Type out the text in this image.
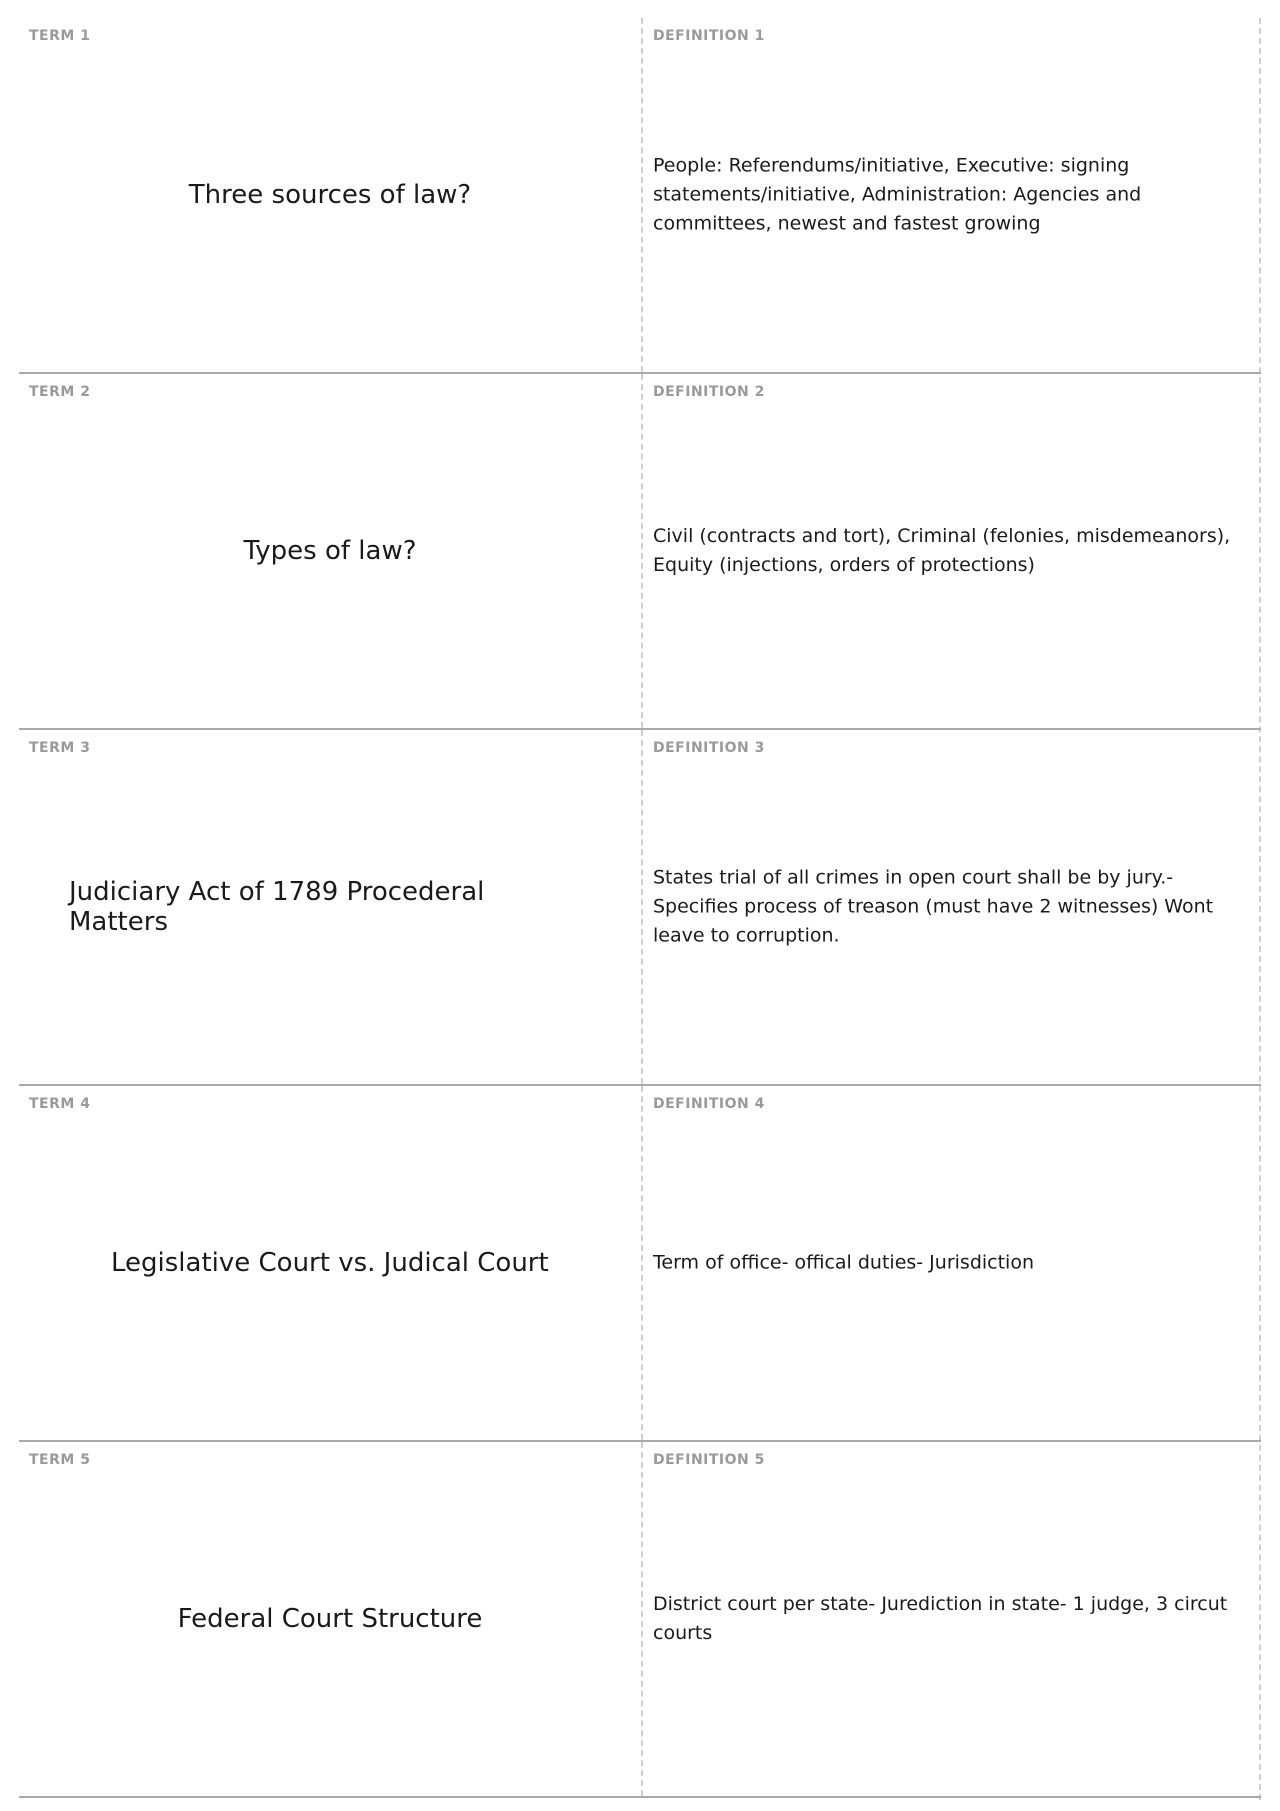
TERM 1
Three sources of law?
DEFINITION 1
People: Referendums/initiative, Executive: signing statements/initiative, Administration: Agencies and committees, newest and fastest growing
TERM 2
Types of law?
DEFINITION 2
Civil (contracts and tort), Criminal (felonies, misdemeanors), Equity (injections, orders of protections)
TERM 3
Judiciary Act of 1789 Procederal Matters
DEFINITION 3
States trial of all crimes in open court shall be by jury.- Specifies process of treason (must have 2 witnesses) Wont leave to corruption.
TERM 4
Legislative Court vs. Judical Court
DEFINITION 4
Term of office- offical duties- Jurisdiction
TERM 5
Federal Court Structure
DEFINITION 5
District court per state- Jurediction in state- 1 judge, 3 circut courts
